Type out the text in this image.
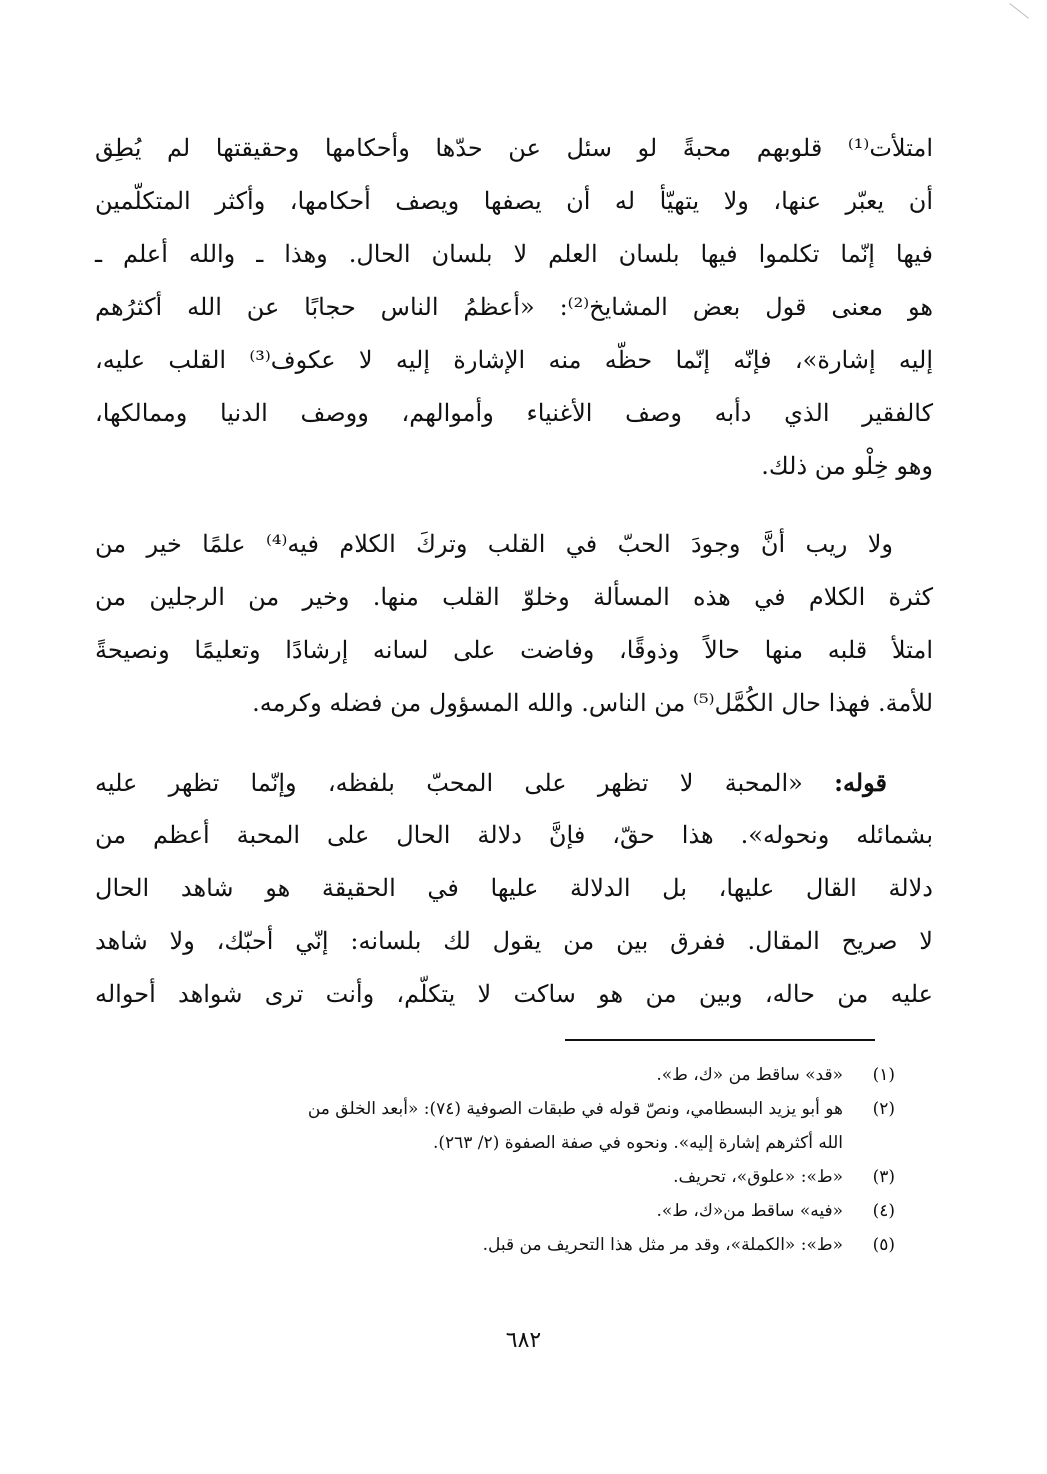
امتلأت⁽¹⁾ قلوبهم محبةً لو سئل عن حدّها وأحكامها وحقيقتها لم يُطِق
أن يعبّر عنها، ولا يتهيّأ له أن يصفها ويصف أحكامها، وأكثر المتكلّمين
فيها إنّما تكلموا فيها بلسان العلم لا بلسان الحال. وهذا ـ والله أعلم ـ
هو معنى قول بعض المشايخ⁽²⁾: «أعظمُ الناس حجابًا عن الله أكثرُهم
إليه إشارة»، فإنّه إنّما حظّه منه الإشارة إليه لا عكوف⁽³⁾ القلب عليه،
كالفقير الذي دأبه وصف الأغنياء وأموالهم، ووصف الدنيا وممالكها،
وهو خِلْو من ذلك.
ولا ريب أنَّ وجودَ الحبّ في القلب وتركَ الكلام فيه⁽⁴⁾ علمًا خير من
كثرة الكلام في هذه المسألة وخلوّ القلب منها. وخير من الرجلين من
امتلأ قلبه منها حالاً وذوقًا، وفاضت على لسانه إرشادًا وتعليمًا ونصيحةً
للأمة. فهذا حال الكُمَّل⁽⁵⁾ من الناس. والله المسؤول من فضله وكرمه.
قوله: «المحبة لا تظهر على المحبّ بلفظه، وإنّما تظهر عليه
بشمائله ونحوله». هذا حقّ، فإنَّ دلالة الحال على المحبة أعظم من
دلالة القال عليها، بل الدلالة عليها في الحقيقة هو شاهد الحال
لا صريح المقال. ففرق بين من يقول لك بلسانه: إنّي أحبّك، ولا شاهد
عليه من حاله، وبين من هو ساكت لا يتكلّم، وأنت ترى شواهد أحواله
(١)«قد» ساقط من «ك، ط».
(٢)هو أبو يزيد البسطامي، ونصّ قوله في طبقات الصوفية (٧٤): «أبعد الخلق من
الله أكثرهم إشارة إليه». ونحوه في صفة الصفوة (٢/ ٢٦٣).
(٣)«ط»: «علوق»، تحريف.
(٤)«فيه» ساقط من«ك، ط».
(٥)«ط»: «الكملة»، وقد مر مثل هذا التحريف من قبل.
٦٨٢
